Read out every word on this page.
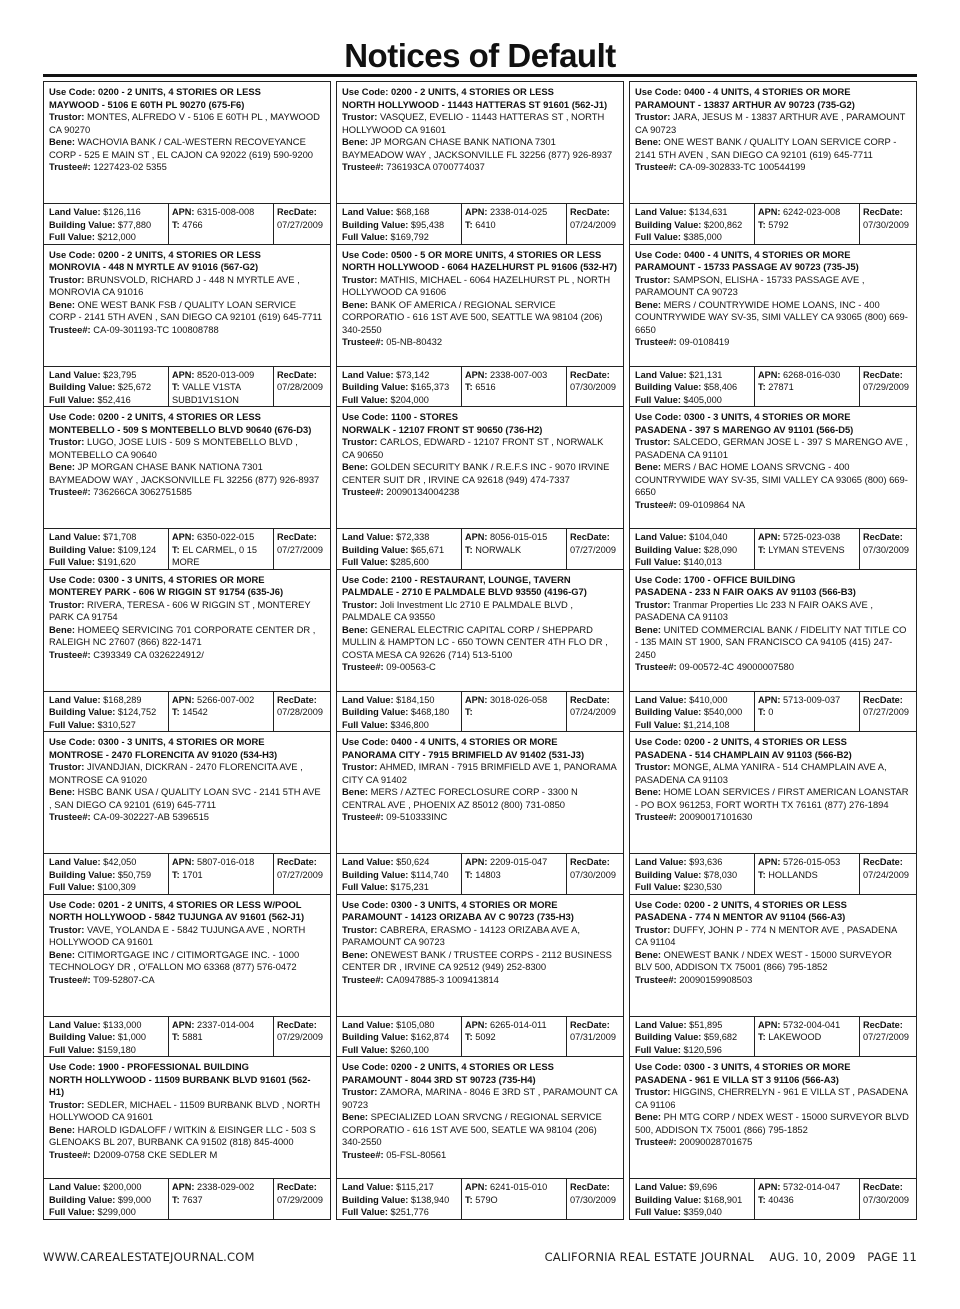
Notices of Default
Use Code: 0200 - 2 UNITS, 4 STORIES OR LESS
MAYWOOD - 5106 E 60TH PL 90270 (675-F6)
Trustor: MONTES, ALFREDO V - 5106 E 60TH PL , MAYWOOD CA 90270
Bene: WACHOVIA BANK / CAL-WESTERN RECOVEYANCE CORP - 525 E MAIN ST , EL CAJON CA 92022 (619) 590-9200
Trustee#: 1227423-02 5355
Land Value: $126,116
Building Value: $77,880
Full Value: $212,000
APN: 6315-008-008
T: 4766
RecDate:
07/27/2009
Use Code: 0200 - 2 UNITS, 4 STORIES OR LESS
MONROVIA - 448 N MYRTLE AV 91016 (567-G2)
Trustor: BRUNSVOLD, RICHARD J - 448 N MYRTLE AVE , MONROVIA CA 91016
Bene: ONE WEST BANK FSB / QUALITY LOAN SERVICE CORP - 2141 5TH AVEN , SAN DIEGO CA 92101 (619) 645-7711
Trustee#: CA-09-301193-TC 100808788
Land Value: $23,795
Building Value: $25,672
Full Value: $52,416
APN: 8520-013-009
T: VALLE V1STA SUBD1V1S1ON
RecDate:
07/28/2009
Use Code: 0200 - 2 UNITS, 4 STORIES OR LESS
MONTEBELLO - 509 S MONTEBELLO BLVD 90640 (676-D3)
Trustor: LUGO, JOSE LUIS - 509 S MONTEBELLO BLVD , MONTEBELLO CA 90640
Bene: JP MORGAN CHASE BANK NATIONA 7301 BAYMEADOW WAY , JACKSONVILLE FL 32256 (877) 926-8937
Trustee#: 736266CA 3062751585
Land Value: $71,708
Building Value: $109,124
Full Value: $191,620
APN: 6350-022-015
T: EL CARMEL, 0 15 MORE
RecDate:
07/27/2009
Use Code: 0300 - 3 UNITS, 4 STORIES OR MORE
MONTEREY PARK - 606 W RIGGIN ST 91754 (635-J6)
Trustor: RIVERA, TERESA - 606 W RIGGIN ST , MONTEREY PARK CA 91754
Bene: HOMEEQ SERVICING 701 CORPORATE CENTER DR , RALEIGH NC 27607 (866) 822-1471
Trustee#: C393349 CA 0326224912/
Land Value: $168,289
Building Value: $124,752
Full Value: $310,527
APN: 5266-007-002
T: 14542
RecDate:
07/28/2009
Use Code: 0300 - 3 UNITS, 4 STORIES OR MORE
MONTROSE - 2470 FLORENCITA AV 91020 (534-H3)
Trustor: JIVANDJIAN, DICKRAN - 2470 FLORENCITA AVE , MONTROSE CA 91020
Bene: HSBC BANK USA / QUALITY LOAN SVC - 2141 5TH AVE , SAN DIEGO CA 92101 (619) 645-7711
Trustee#: CA-09-302227-AB 5396515
Land Value: $42,050
Building Value: $50,759
Full Value: $100,309
APN: 5807-016-018
T: 1701
RecDate:
07/27/2009
Use Code: 0201 - 2 UNITS, 4 STORIES OR LESS W/POOL
NORTH HOLLYWOOD - 5842 TUJUNGA AV 91601 (562-J1)
Trustor: VAVE, YOLANDA E - 5842 TUJUNGA AVE , NORTH HOLLYWOOD CA 91601
Bene: CITIMORTGAGE INC / CITIMORTGAGE INC. - 1000 TECHNOLOGY DR , O'FALLON MO 63368 (877) 576-0472
Trustee#: T09-52807-CA
Land Value: $133,000
Building Value: $1,000
Full Value: $159,180
APN: 2337-014-004
T: 5881
RecDate:
07/29/2009
Use Code: 1900 - PROFESSIONAL BUILDING
NORTH HOLLYWOOD - 11509 BURBANK BLVD 91601 (562-H1)
Trustor: SEDLER, MICHAEL - 11509 BURBANK BLVD , NORTH HOLLYWOOD CA 91601
Bene: HAROLD IGDALOFF / WITKIN & EISINGER LLC - 503 S GLENOAKS BL 207, BURBANK CA 91502 (818) 845-4000
Trustee#: D2009-0758 CKE SEDLER M
Land Value: $200,000
Building Value: $99,000
Full Value: $299,000
APN: 2338-029-002
T: 7637
RecDate:
07/29/2009
Use Code: 0200 - 2 UNITS, 4 STORIES OR LESS
NORTH HOLLYWOOD - 11443 HATTERAS ST 91601 (562-J1)
Trustor: VASQUEZ, EVELIO - 11443 HATTERAS ST , NORTH HOLLYWOOD CA 91601
Bene: JP MORGAN CHASE BANK NATIONA 7301 BAYMEADOW WAY , JACKSONVILLE FL 32256 (877) 926-8937
Trustee#: 736193CA 0700774037
Land Value: $68,168
Building Value: $95,438
Full Value: $169,792
APN: 2338-014-025
T: 6410
RecDate:
07/24/2009
Use Code: 0500 - 5 OR MORE UNITS, 4 STORIES OR LESS
NORTH HOLLYWOOD - 6064 HAZELHURST PL 91606 (532-H7)
Trustor: MATHIS, MICHAEL - 6064 HAZELHURST PL , NORTH HOLLYWOOD CA 91606
Bene: BANK OF AMERICA / REGIONAL SERVICE CORPORATIO - 616 1ST AVE 500, SEATTLE WA 98104 (206) 340-2550
Trustee#: 05-NB-80432
Land Value: $73,142
Building Value: $165,373
Full Value: $204,000
APN: 2338-007-003
T: 6516
RecDate:
07/30/2009
Use Code: 1100 - STORES
NORWALK - 12107 FRONT ST 90650 (736-H2)
Trustor: CARLOS, EDWARD - 12107 FRONT ST , NORWALK CA 90650
Bene: GOLDEN SECURITY BANK / R.E.F.S INC - 9070 IRVINE CENTER SUIT DR , IRVINE CA 92618 (949) 474-7337
Trustee#: 20090134004238
Land Value: $72,338
Building Value: $65,671
Full Value: $285,600
APN: 8056-015-015
T: NORWALK
RecDate:
07/27/2009
Use Code: 2100 - RESTAURANT, LOUNGE, TAVERN
PALMDALE - 2710 E PALMDALE BLVD 93550 (4196-G7)
Trustor: Joli Investment Llc 2710 E PALMDALE BLVD , PALMDALE CA 93550
Bene: GENERAL ELECTRIC CAPITAL CORP / SHEPPARD MULLIN & HAMPTON LC - 650 TOWN CENTER 4TH FLO DR , COSTA MESA CA 92626 (714) 513-5100
Trustee#: 09-00563-C
Land Value: $184,150
Building Value: $468,180
Full Value: $346,800
APN: 3018-026-058
T:
RecDate:
07/24/2009
Use Code: 0400 - 4 UNITS, 4 STORIES OR MORE
PANORAMA CITY - 7915 BRIMFIELD AV 91402 (531-J3)
Trustor: AHMED, IMRAN - 7915 BRIMFIELD AVE 1, PANORAMA CITY CA 91402
Bene: MERS / AZTEC FORECLOSURE CORP - 3300 N CENTRAL AVE , PHOENIX AZ 85012 (800) 731-0850
Trustee#: 09-510333INC
Land Value: $50,624
Building Value: $114,740
Full Value: $175,231
APN: 2209-015-047
T: 14803
RecDate:
07/30/2009
Use Code: 0300 - 3 UNITS, 4 STORIES OR MORE
PARAMOUNT - 14123 ORIZABA AV C 90723 (735-H3)
Trustor: CABRERA, ERASMO - 14123 ORIZABA AVE A, PARAMOUNT CA 90723
Bene: ONEWEST BANK / TRUSTEE CORPS - 2112 BUSINESS CENTER DR , IRVINE CA 92512 (949) 252-8300
Trustee#: CA0947885-3 1009413814
Land Value: $105,080
Building Value: $162,874
Full Value: $260,100
APN: 6265-014-011
T: 5092
RecDate:
07/31/2009
Use Code: 0200 - 2 UNITS, 4 STORIES OR LESS
PARAMOUNT - 8044 3RD ST 90723 (735-H4)
Trustor: ZAMORA, MARINA - 8046 E 3RD ST , PARAMOUNT CA 90723
Bene: SPECIALIZED LOAN SRVCNG / REGIONAL SERVICE CORPORATIO - 616 1ST AVE 500, SEATLE WA 98104 (206) 340-2550
Trustee#: 05-FSL-80561
Land Value: $115,217
Building Value: $138,940
Full Value: $251,776
APN: 6241-015-010
T: 579O
RecDate:
07/30/2009
Use Code: 0400 - 4 UNITS, 4 STORIES OR MORE
PARAMOUNT - 13837 ARTHUR AV 90723 (735-G2)
Trustor: JARA, JESUS M - 13837 ARTHUR AVE , PARAMOUNT CA 90723
Bene: ONE WEST BANK / QUALITY LOAN SERVICE CORP - 2141 5TH AVEN , SAN DIEGO CA 92101 (619) 645-7711
Trustee#: CA-09-302833-TC 100544199
Land Value: $134,631
Building Value: $200,862
Full Value: $385,000
APN: 6242-023-008
T: 5792
RecDate:
07/30/2009
Use Code: 0400 - 4 UNITS, 4 STORIES OR MORE
PARAMOUNT - 15733 PASSAGE AV 90723 (735-J5)
Trustor: SAMPSON, ELISHA - 15733 PASSAGE AVE , PARAMOUNT CA 90723
Bene: MERS / COUNTRYWIDE HOME LOANS, INC - 400 COUNTRYWIDE WAY SV-35, SIMI VALLEY CA 93065 (800) 669-6650
Trustee#: 09-0108419
Land Value: $21,131
Building Value: $58,406
Full Value: $405,000
APN: 6268-016-030
T: 27871
RecDate:
07/29/2009
Use Code: 0300 - 3 UNITS, 4 STORIES OR MORE
PASADENA - 397 S MARENGO AV 91101 (566-D5)
Trustor: SALCEDO, GERMAN JOSE L - 397 S MARENGO AVE , PASADENA CA 91101
Bene: MERS / BAC HOME LOANS SRVCNG - 400 COUNTRYWIDE WAY SV-35, SIMI VALLEY CA 93065 (800) 669-6650
Trustee#: 09-0109864 NA
Land Value: $104,040
Building Value: $28,090
Full Value: $140,013
APN: 5725-023-038
T: LYMAN STEVENS
RecDate:
07/30/2009
Use Code: 1700 - OFFICE BUILDING
PASADENA - 233 N FAIR OAKS AV 91103 (566-B3)
Trustor: Tranmar Properties Llc 233 N FAIR OAKS AVE , PASADENA CA 91103
Bene: UNITED COMMERCIAL BANK / FIDELITY NAT TITLE CO - 135 MAIN ST 1900, SAN FRANCISCO CA 94105 (415) 247-2450
Trustee#: 09-00572-4C 49000007580
Land Value: $410,000
Building Value: $540,000
Full Value: $1,214,108
APN: 5713-009-037
T: 0
RecDate:
07/27/2009
Use Code: 0200 - 2 UNITS, 4 STORIES OR LESS
PASADENA - 514 CHAMPLAIN AV 91103 (566-B2)
Trustor: MONGE, ALMA YANIRA - 514 CHAMPLAIN AVE A, PASADENA CA 91103
Bene: HOME LOAN SERVICES / FIRST AMERICAN LOANSTAR - PO BOX 961253, FORT WORTH TX 76161 (877) 276-1894
Trustee#: 20090017101630
Land Value: $93,636
Building Value: $78,030
Full Value: $230,530
APN: 5726-015-053
T: HOLLANDS
RecDate:
07/24/2009
Use Code: 0200 - 2 UNITS, 4 STORIES OR LESS
PASADENA - 774 N MENTOR AV 91104 (566-A3)
Trustor: DUFFY, JOHN P - 774 N MENTOR AVE , PASADENA CA 91104
Bene: ONEWEST BANK / NDEX WEST - 15000 SURVEYOR BLV 500, ADDISON TX 75001 (866) 795-1852
Trustee#: 20090159908503
Land Value: $51,895
Building Value: $59,682
Full Value: $120,596
APN: 5732-004-041
T: LAKEWOOD
RecDate:
07/27/2009
Use Code: 0300 - 3 UNITS, 4 STORIES OR MORE
PASADENA - 961 E VILLA ST 3 91106 (566-A3)
Trustor: HIGGINS, CHERRELYN - 961 E VILLA ST , PASADENA CA 91106
Bene: PH MTG CORP / NDEX WEST - 15000 SURVEYOR BLVD 500, ADDISON TX 75001 (866) 795-1852
Trustee#: 20090028701675
Land Value: $9,696
Building Value: $168,901
Full Value: $359,040
APN: 5732-014-047
T: 40436
RecDate:
07/30/2009
WWW.CAREALESTATEJOURNAL.COM	CALIFORNIA REAL ESTATE JOURNAL    AUG. 10, 2009   PAGE 11
